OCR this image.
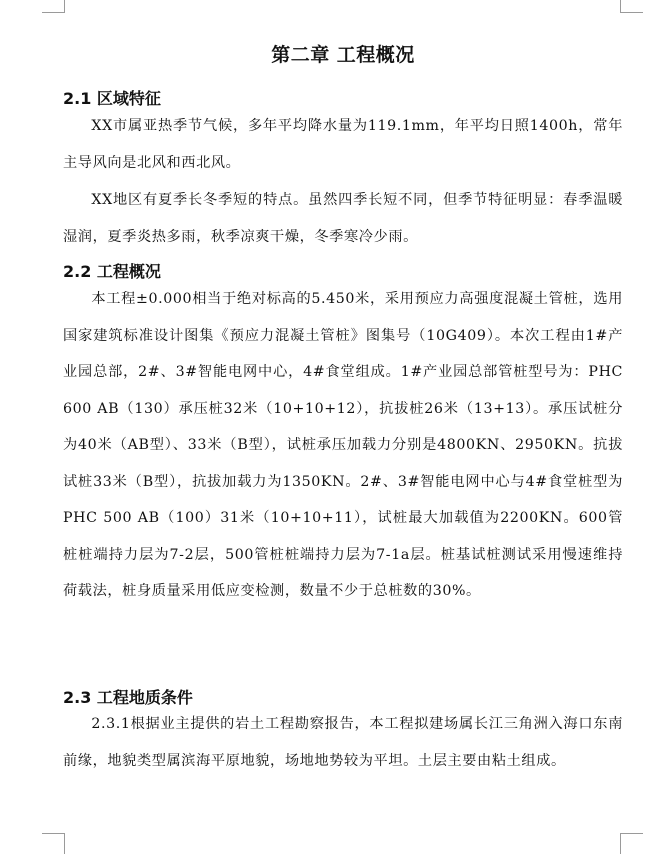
第二章 工程概况
2.1 区域特征
XX市属亚热季节气候，多年平均降水量为119.1mm，年平均日照1400h，常年主导风向是北风和西北风。
XX地区有夏季长冬季短的特点。虽然四季长短不同，但季节特征明显：春季温暖湿润，夏季炎热多雨，秋季凉爽干燥，冬季寒冷少雨。
2.2 工程概况
本工程±0.000相当于绝对标高的5.450米，采用预应力高强度混凝土管桩，选用国家建筑标准设计图集《预应力混凝土管桩》图集号（10G409）。本次工程由1#产业园总部，2#、3#智能电网中心，4#食堂组成。1#产业园总部管桩型号为：PHC 600 AB（130）承压桩32米（10+10+12），抗拔桩26米（13+13）。承压试桩分为40米（AB型）、33米（B型），试桩承压加载力分别是4800KN、2950KN。抗拔试桩33米（B型），抗拔加载力为1350KN。2#、3#智能电网中心与4#食堂桩型为PHC 500 AB（100）31米（10+10+11），试桩最大加载值为2200KN。600管桩桩端持力层为7-2层，500管桩桩端持力层为7-1a层。桩基试桩测试采用慢速维持荷载法，桩身质量采用低应变检测，数量不少于总桩数的30%。
2.3 工程地质条件
2.3.1根据业主提供的岩土工程勘察报告，本工程拟建场属长江三角洲入海口东南前缘，地貌类型属滨海平原地貌，场地地势较为平坦。土层主要由粘土组成。
